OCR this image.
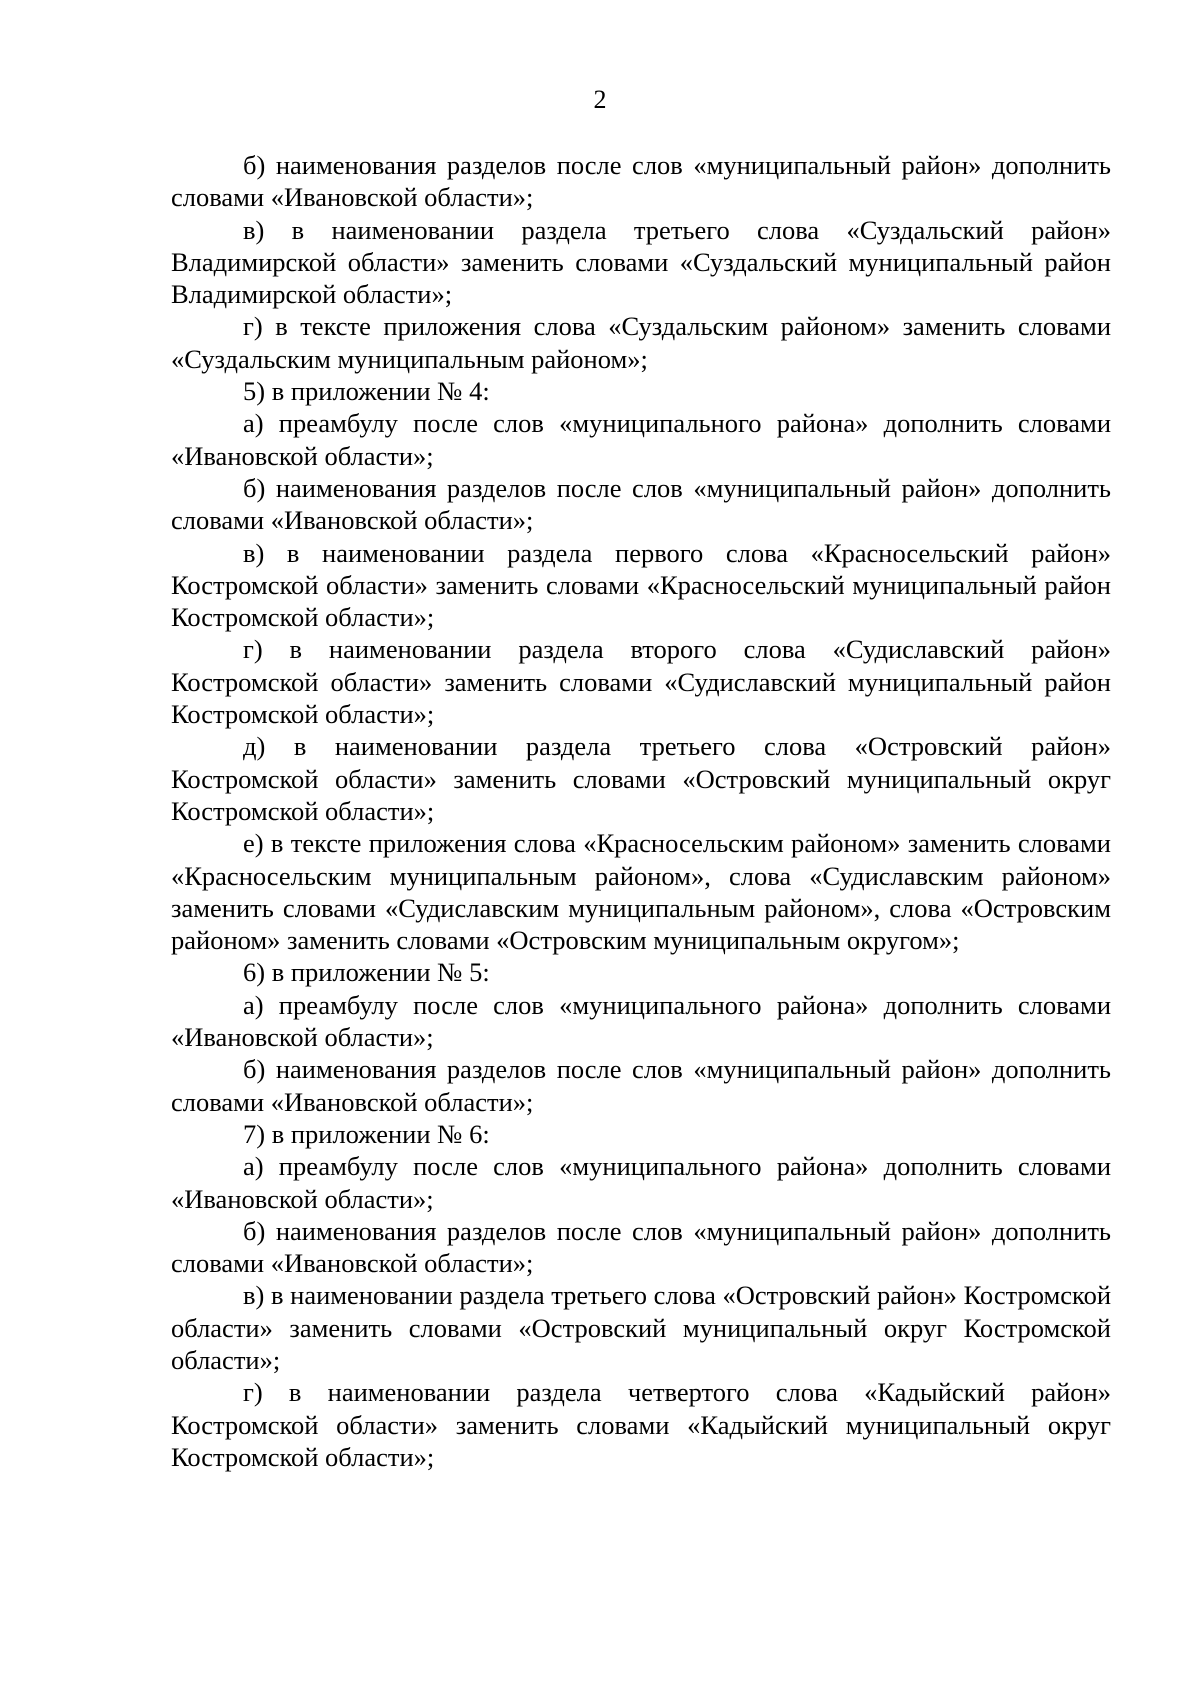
2

б) наименования разделов после слов «муниципальный район» дополнить словами «Ивановской области»;

в) в наименовании раздела третьего слова «Суздальский район» Владимирской области» заменить словами «Суздальский муниципальный район Владимирской области»;

г) в тексте приложения слова «Суздальским районом» заменить словами «Суздальским муниципальным районом»;

5) в приложении № 4:

а) преамбулу после слов «муниципального района» дополнить словами «Ивановской области»;

б) наименования разделов после слов «муниципальный район» дополнить словами «Ивановской области»;

в) в наименовании раздела первого слова «Красносельский район» Костромской области» заменить словами «Красносельский муниципальный район Костромской области»;

г) в наименовании раздела второго слова «Судиславский район» Костромской области» заменить словами «Судиславский муниципальный район Костромской области»;

д) в наименовании раздела третьего слова «Островский район» Костромской области» заменить словами «Островский муниципальный округ Костромской области»;

е) в тексте приложения слова «Красносельским районом» заменить словами «Красносельским муниципальным районом», слова «Судиславским районом» заменить словами «Судиславским муниципальным районом», слова «Островским районом» заменить словами «Островским муниципальным округом»;

6) в приложении № 5:

а) преамбулу после слов «муниципального района» дополнить словами «Ивановской области»;

б) наименования разделов после слов «муниципальный район» дополнить словами «Ивановской области»;

7) в приложении № 6:

а) преамбулу после слов «муниципального района» дополнить словами «Ивановской области»;

б) наименования разделов после слов «муниципальный район» дополнить словами «Ивановской области»;

в) в наименовании раздела третьего слова «Островский район» Костромской области» заменить словами «Островский муниципальный округ Костромской области»;

г) в наименовании раздела четвертого слова «Кадыйский район» Костромской области» заменить словами «Кадыйский муниципальный округ Костромской области»;
